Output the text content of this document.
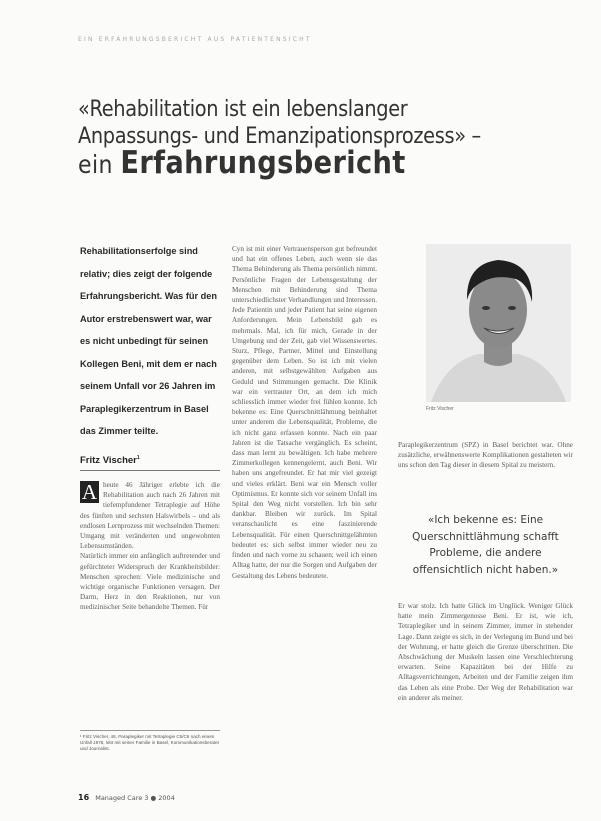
EIN ERFAHRUNGSBERICHT AUS PATIENTENSICHT
«Rehabilitation ist ein lebenslanger
Anpassungs- und Emanzipationsprozess» –
ein Erfahrungsbericht
Rehabilitationserfolge sind relativ; dies zeigt der folgende Erfahrungsbericht. Was für den Autor erstrebenswert war, war es nicht unbedingt für seinen Kollegen Beni, mit dem er nach seinem Unfall vor 26 Jahren im Paraplegikerzentrum in Basel das Zimmer teilte.
Fritz Vischer$^1$

A heute 46 Jähriger erlebte ich die Rehabilitation auch nach 26 Jahren mit tiefempfundener Tetraplegie auf Höhe des fünften und sechsten Halswirbels – und als endlosen Lernprozess mit wechselnden Themen: Umgang mit veränderten und ungewohnten Lebensumständen.

Natürlich immer ein anfänglich auftretender und gefürchteter Widerspruch der Krankheitsbilder: Menschen sprechen: Viele medizinische und wichtige organische Funktionen versagen. Der Darm, Herz in den Reaktionen, nur von medizinischer Seite behandelte Themen. Für

¹ Fritz Vischer, 46, Paraplegiker mit Tetraplegie C5/C6 nach einem Unfall 1978, lebt mit seiner Familie in Basel, Kommunikationsberater und Journalist.

Cyn ist mit einer Vertrauensperson gut befreundet und hat ein offenes Leben, auch wenn sie das Thema Behinderung als Thema persönlich nimmt. Persönliche Fragen der Lebensgestaltung der Menschen mit Behinderung sind Thema unterschiedlichster Verhandlungen und Interessen. Jede Patientin und jeder Patient hat seine eigenen Anforderungen. Mein Lebensbild gab es mehrmals. Mal, ich für mich, Gerade in der Umgebung und der Zeit, gab viel Wissenswertes. Sturz, Pflege, Partner, Mittel und Einstellung gegenüber dem Leben. So ist ich mit vielen anderen, mit selbstgewählten Aufgaben aus Geduld und Stimmungen gemacht. Die Klinik war ein vertrauter Ort, an dem ich mich schliesslich immer wieder frei fühlen konnte. Ich bekenne es: Eine Querschnittlähmung beinhaltet unter anderem die Lebensqualität, Probleme, die ich nicht ganz erfassen konnte. Nach ein paar Jahren ist die Tatsache vergänglich. Es scheint, dass man lernt zu bewältigen. Ich habe mehrere Zimmerkollegen kennengelernt, auch Beni. Wir haben uns angefreundet. Er hat mir viel gezeigt und vieles erklärt. Beni war ein Mensch voller Optimismus. Er konnte sich vor seinem Unfall ins Spital den Weg nicht vorstellen. Ich bin sehr dankbar. Bleiben wir zurück. Im Spital veranschaulicht es eine faszinierende Lebensqualität. Für einen Querschnittgelähmten bedeutet es: sich selbst immer wieder neu zu finden und nach vorne zu schauen; weil ich einen Alltag hatte, der nur die Sorgen und Aufgaben der Gestaltung des Lebens bedeutete.

Fritz Vischer

Paraplegikerzentrum (SPZ) in Basel berichtet war. Ohne zusätzliche, erwähnenswerte Komplikationen gestalteten wir uns schon den Tag dieser in diesem Spital zu meistern.

«Ich bekenne es: Eine Querschnittlähmung schafft Probleme, die andere offensichtlich nicht haben.»

Er war stolz. Ich hatte Glück im Unglück. Weniger Glück hatte mein Zimmergenosse Beni. Er ist, wie ich, Tetraplegiker und in seinem Zimmer, immer in stehender Lage. Dann zeigte es sich, in der Verlegung im Bund und bei der Wohnung, er hatte gleich die Grenze überschritten. Die Abschwächung der Muskeln lassen eine Verschlechterung erwarten. Seine Kapazitäten bei der Hilfe zu Alltagsverrichtungen, Arbeiten und der Familie zeigen ihm das Leben als eine Probe. Der Weg der Rehabilitation war ein anderer als meiner.

16 Managed Care 3 ● 2004
